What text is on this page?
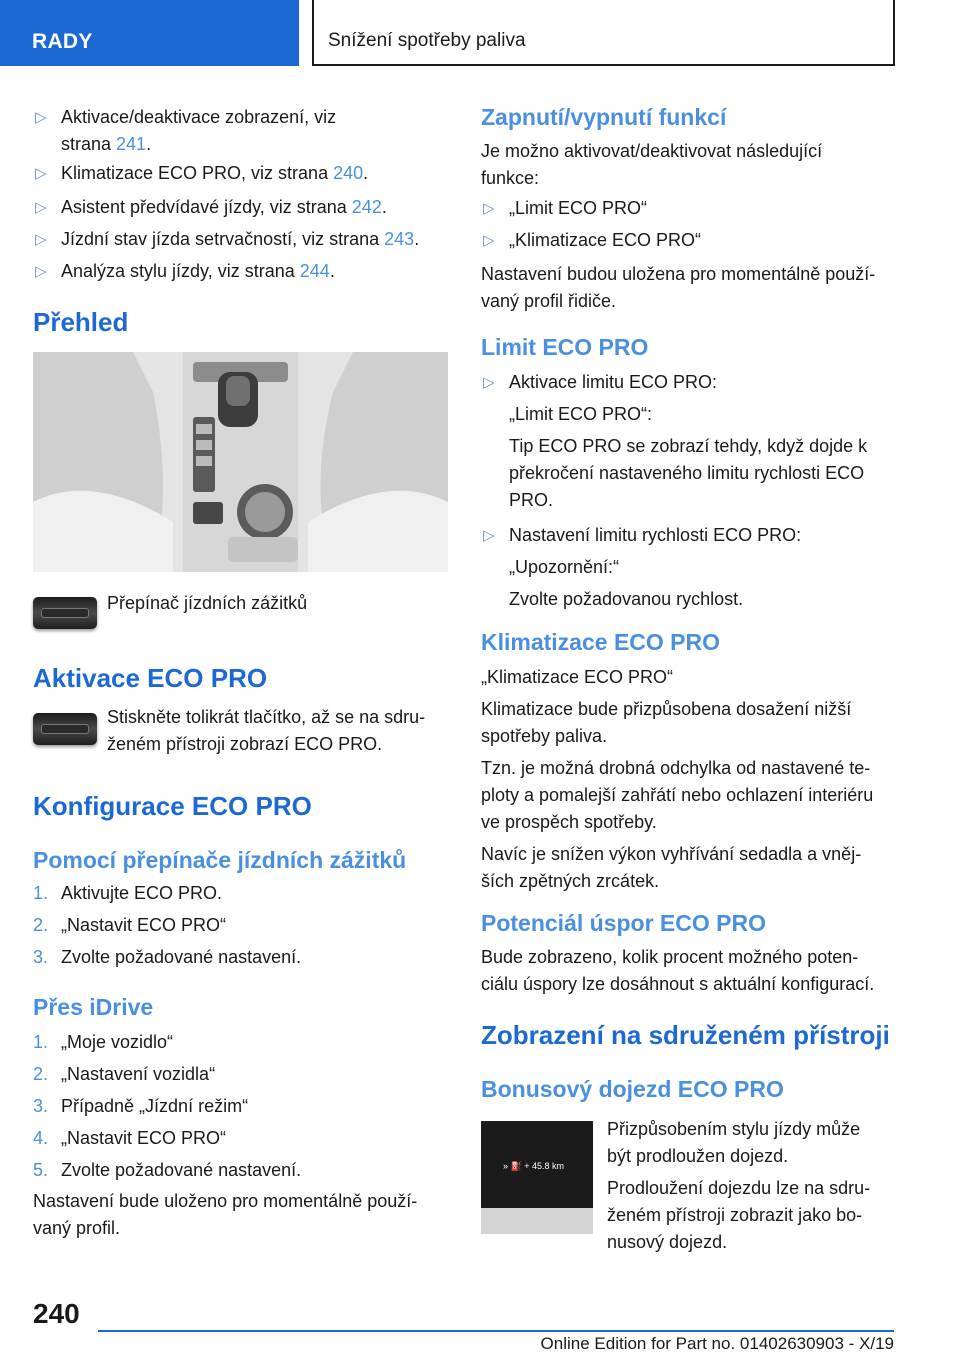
RADY	Snížení spotřeby paliva
▷ Aktivace/deaktivace zobrazení, viz
strana 241.
▷ Klimatizace ECO PRO, viz strana 240.
▷ Asistent předvídavé jízdy, viz strana 242.
▷ Jízdní stav jízda setrvačností, viz strana 243.
▷ Analýza stylu jízdy, viz strana 244.
Přehled
Přepínač jízdních zážitků
Aktivace ECO PRO
Stiskněte tolikrát tlačítko, až se na sdru-
ženém přístroji zobrazí ECO PRO.
Konfigurace ECO PRO
Pomocí přepínače jízdních zážitků
1. Aktivujte ECO PRO.
2. „Nastavit ECO PRO“
3. Zvolte požadované nastavení.
Přes iDrive
1. „Moje vozidlo“
2. „Nastavení vozidla“
3. Případně „Jízdní režim“
4. „Nastavit ECO PRO“
5. Zvolte požadované nastavení.
Nastavení bude uloženo pro momentálně použí-
vaný profil.
Zapnutí/vypnutí funkcí
Je možno aktivovat/deaktivovat následující
funkce:
▷ „Limit ECO PRO“
▷ „Klimatizace ECO PRO“
Nastavení budou uložena pro momentálně použí-
vaný profil řidiče.
Limit ECO PRO
▷ Aktivace limitu ECO PRO:
„Limit ECO PRO“:
Tip ECO PRO se zobrazí tehdy, když dojde k
překročení nastaveného limitu rychlosti ECO
PRO.
▷ Nastavení limitu rychlosti ECO PRO:
„Upozornění:“
Zvolte požadovanou rychlost.
Klimatizace ECO PRO
„Klimatizace ECO PRO“
Klimatizace bude přizpůsobena dosažení nižší
spotřeby paliva.
Tzn. je možná drobná odchylka od nastavené te-
ploty a pomalejší zahřátí nebo ochlazení interiéru
ve prospěch spotřeby.
Navíc je snížen výkon vyhřívání sedadla a vněj-
ších zpětných zrcátek.
Potenciál úspor ECO PRO
Bude zobrazeno, kolik procent možného poten-
ciálu úspory lze dosáhnout s aktuální konfigurací.
Zobrazení na sdruženém přístroji
Bonusový dojezd ECO PRO
» ⛽ + 45.8 km
Přizpůsobením stylu jízdy může
být prodloužen dojezd.
Prodloužení dojezdu lze na sdru-
ženém přístroji zobrazit jako bo-
nusový dojezd.
240
Online Edition for Part no. 01402630903 - X/19
